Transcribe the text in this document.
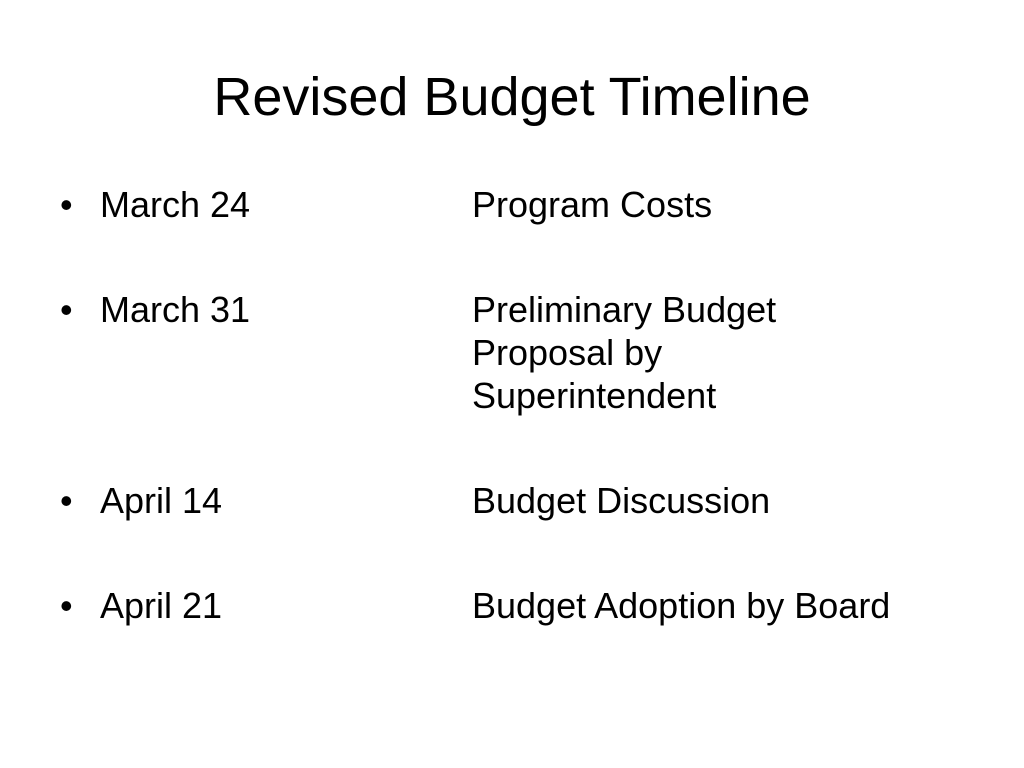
Revised Budget Timeline
• March 24	Program Costs
• March 31	Preliminary Budget Proposal by Superintendent
• April 14	Budget Discussion
• April 21	Budget Adoption by Board
